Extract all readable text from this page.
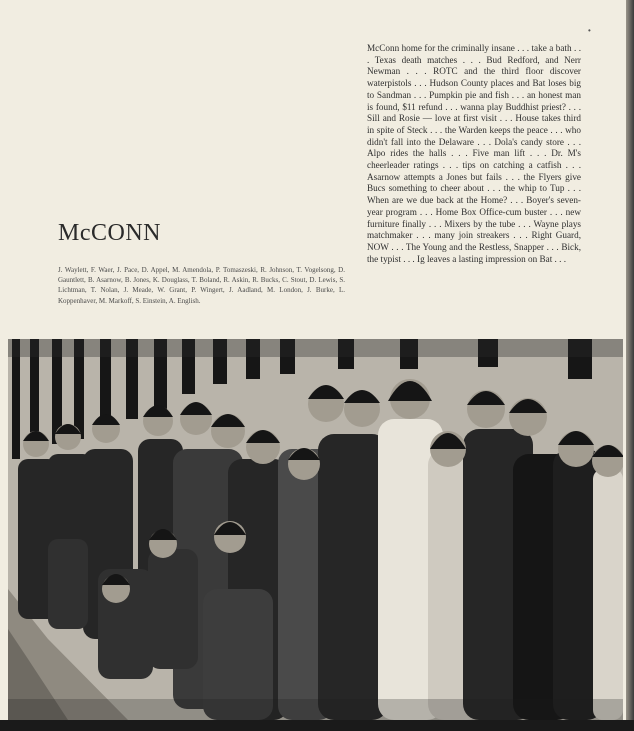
•

McConn home for the criminally insane . . . take a bath . . . Texas death matches . . . Bud Redford, and Nerr Newman . . . ROTC and the third floor discover waterpistols . . . Hudson County places and Bat loses big to Sandman . . . Pumpkin pie and fish . . . an honest man is found, $11 refund . . . wanna play Buddhist priest? . . . Sill and Rosie — love at first visit . . . House takes third in spite of Steck . . . the Warden keeps the peace . . . who didn't fall into the Delaware . . . Dola's candy store . . . Alpo rides the halls . . . Five man lift . . . Dr. M's cheerleader ratings . . . tips on catching a catfish . . . Asarnow attempts a Jones but fails . . . the Flyers give Bucs something to cheer about . . . the whip to Tup . . . When are we due back at the Home? . . . Boyer's seven-year program . . . Home Box Office-cum buster . . . new furniture finally . . . Mixers by the tube . . . Wayne plays matchmaker . . . many join streakers . . . Right Guard, NOW . . . The Young and the Restless, Snapper . . . Bick, the typist . . . Ig leaves a lasting impression on Bat . . .

McCONN

J. Waylett, F. Waer, J. Pace, D. Appel, M. Amendola, P. Tomaszeski, R. Johnson, T. Vogelsong, D. Gauntlett, B. Asarnow, B. Jones, K. Douglass, T. Boland, R. Askin, R. Bucks, C. Stout, D. Lewis, S. Lichtman, T. Nolan, J. Meade, W. Grant, P. Wingert, J. Aadland, M. London, J. Burke, L. Koppenhaver, M. Markoff, S. Einstein, A. English.
